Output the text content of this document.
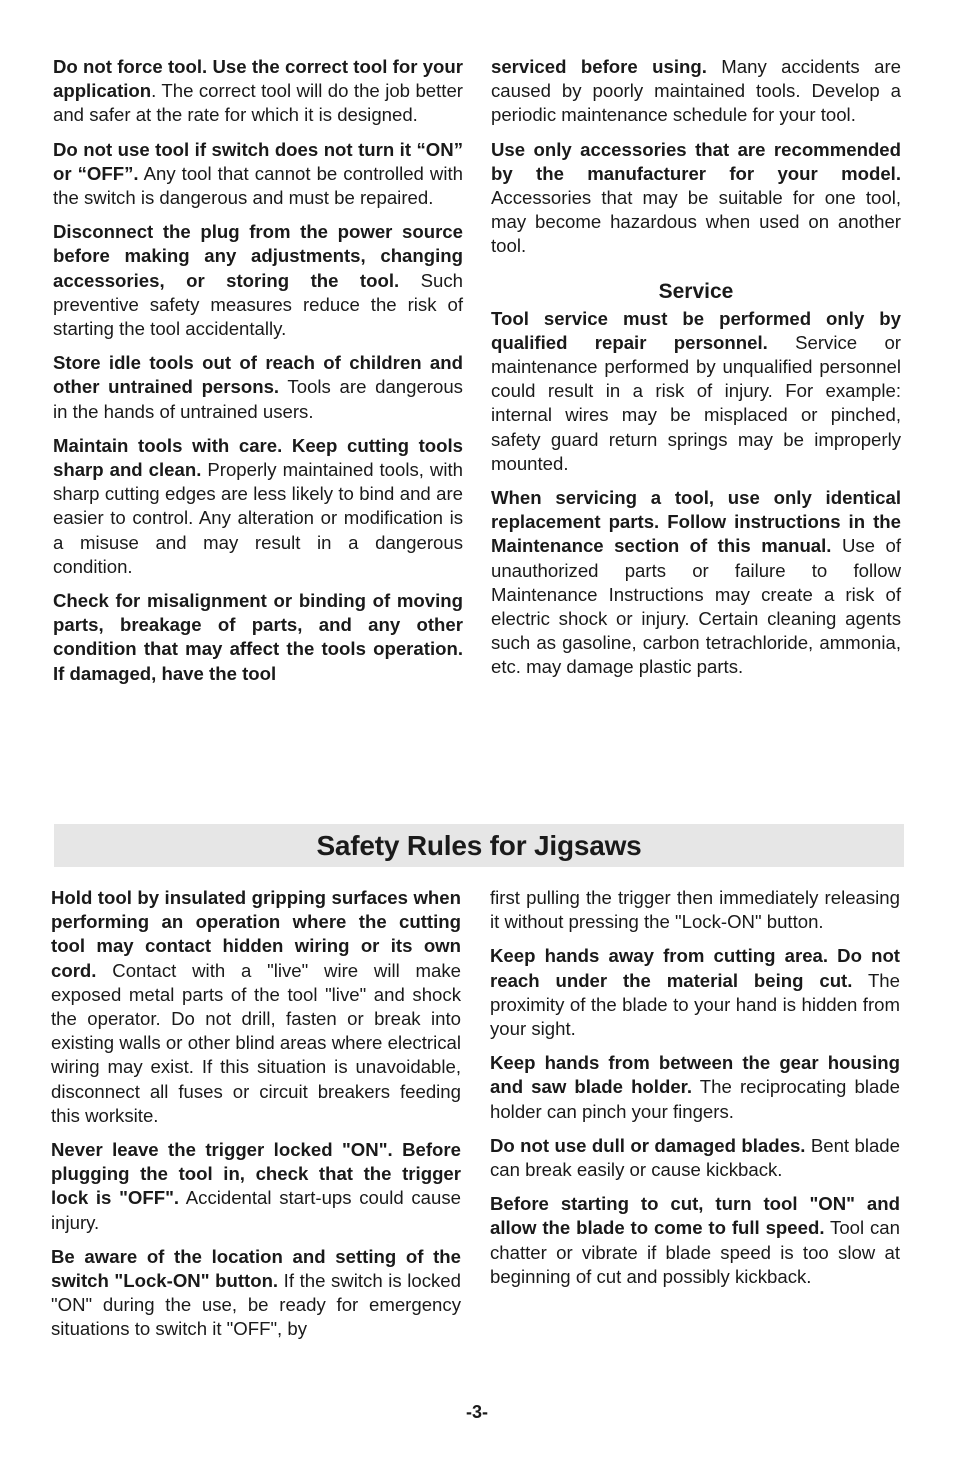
Do not force tool. Use the correct tool for your application. The correct tool will do the job better and safer at the rate for which it is designed.

Do not use tool if switch does not turn it “ON” or “OFF”. Any tool that cannot be controlled with the switch is dangerous and must be repaired.

Disconnect the plug from the power source before making any adjustments, changing accessories, or storing the tool. Such preventive safety measures reduce the risk of starting the tool accidentally.

Store idle tools out of reach of children and other untrained persons. Tools are dangerous in the hands of untrained users.

Maintain tools with care. Keep cutting tools sharp and clean. Properly maintained tools, with sharp cutting edges are less likely to bind and are easier to control. Any alteration or modification is a misuse and may result in a dangerous condition.

Check for misalignment or binding of moving parts, breakage of parts, and any other condition that may affect the tools operation. If damaged, have the tool

serviced before using. Many accidents are caused by poorly maintained tools. Develop a periodic maintenance schedule for your tool.

Use only accessories that are recommended by the manufacturer for your model. Accessories that may be suitable for one tool, may become hazardous when used on another tool.

Service

Tool service must be performed only by qualified repair personnel. Service or maintenance performed by unqualified personnel could result in a risk of injury. For example: internal wires may be misplaced or pinched, safety guard return springs may be improperly mounted.

When servicing a tool, use only identical replacement parts. Follow instructions in the Maintenance section of this manual. Use of unauthorized parts or failure to follow Maintenance Instructions may create a risk of electric shock or injury. Certain cleaning agents such as gasoline, carbon tetrachloride, ammonia, etc. may damage plastic parts.

Safety Rules for Jigsaws

Hold tool by insulated gripping surfaces when performing an operation where the cutting tool may contact hidden wiring or its own cord. Contact with a "live" wire will make exposed metal parts of the tool "live" and shock the operator. Do not drill, fasten or break into existing walls or other blind areas where electrical wiring may exist. If this situation is unavoidable, disconnect all fuses or circuit breakers feeding this worksite.

Never leave the trigger locked "ON". Before plugging the tool in, check that the trigger lock is "OFF". Accidental start-ups could cause injury.

Be aware of the location and setting of the switch "Lock-ON" button. If the switch is locked "ON" during the use, be ready for emergency situations to switch it "OFF", by

first pulling the trigger then immediately releasing it without pressing the "Lock-ON" button.

Keep hands away from cutting area. Do not reach under the material being cut. The proximity of the blade to your hand is hidden from your sight.

Keep hands from between the gear housing and saw blade holder. The reciprocating blade holder can pinch your fingers.

Do not use dull or damaged blades. Bent blade can break easily or cause kickback.

Before starting to cut, turn tool "ON" and allow the blade to come to full speed. Tool can chatter or vibrate if blade speed is too slow at beginning of cut and possibly kickback.

-3-
